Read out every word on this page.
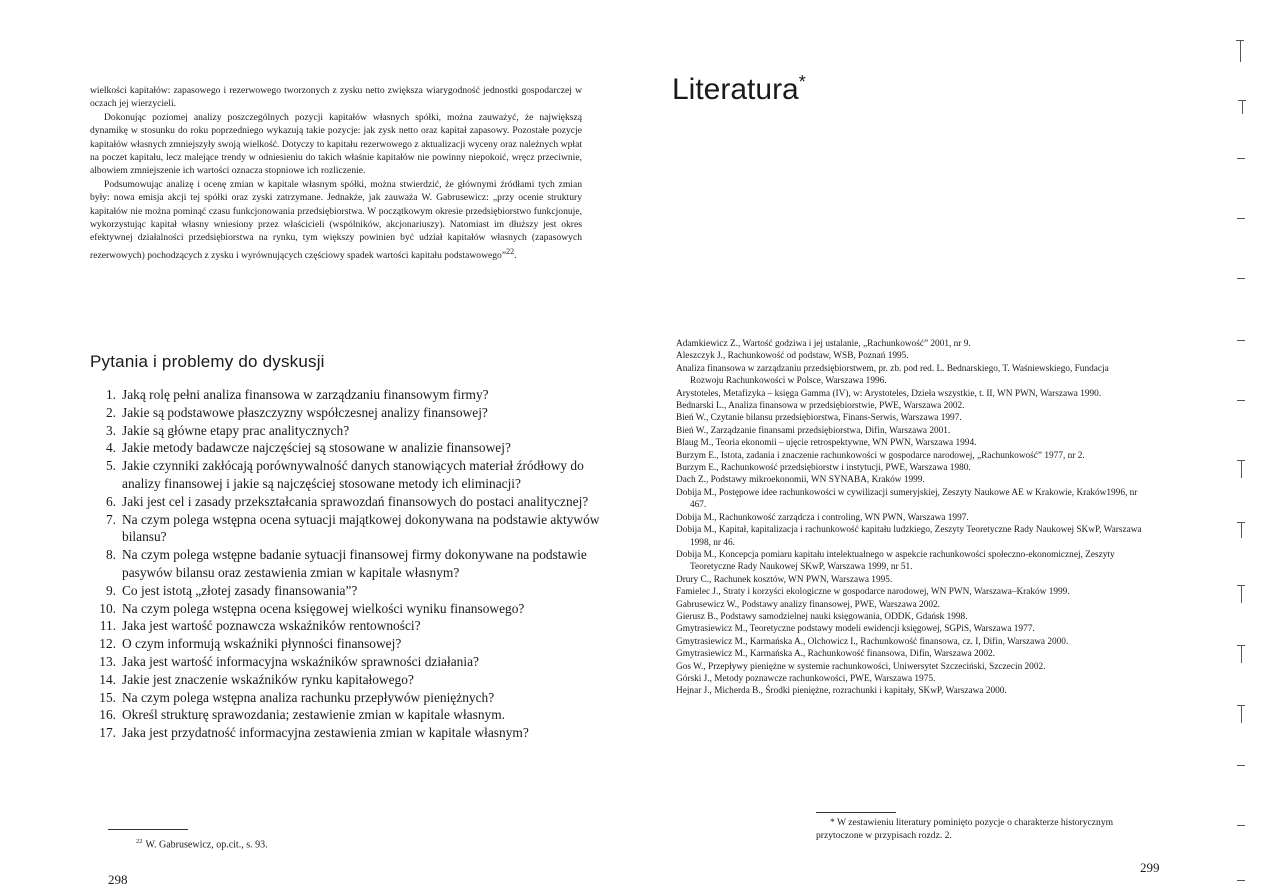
wielkości kapitałów: zapasowego i rezerwowego tworzonych z zysku netto zwiększa wiarygodność jednostki gospodarczej w oczach jej wierzycieli.

Dokonując poziomej analizy poszczególnych pozycji kapitałów własnych spółki, można zauważyć, że największą dynamikę w stosunku do roku poprzedniego wykazują takie pozycje: jak zysk netto oraz kapitał zapasowy. Pozostałe pozycje kapitałów własnych zmniejszyły swoją wielkość. Dotyczy to kapitału rezerwowego z aktualizacji wyceny oraz należnych wpłat na poczet kapitału, lecz malejące trendy w odniesieniu do takich właśnie kapitałów nie powinny niepokoić, wręcz przeciwnie, albowiem zmniejszenie ich wartości oznacza stopniowe ich rozliczenie.

Podsumowując analizę i ocenę zmian w kapitale własnym spółki, można stwierdzić, że głównymi źródłami tych zmian były: nowa emisja akcji tej spółki oraz zyski zatrzymane. Jednakże, jak zauważa W. Gabrusewicz: „przy ocenie struktury kapitałów nie można pominąć czasu funkcjonowania przedsiębiorstwa. W początkowym okresie przedsiębiorstwo funkcjonuje, wykorzystując kapitał własny wniesiony przez właścicieli (wspólników, akcjonariuszy). Natomiast im dłuższy jest okres efektywnej działalności przedsiębiorstwa na rynku, tym większy powinien być udział kapitałów własnych (zapasowych rezerwowych) pochodzących z zysku i wyrównujących częściowy spadek wartości kapitału podstawowego”$^{22}$.

Pytania i problemy do dyskusji
1. Jaką rolę pełni analiza finansowa w zarządzaniu finansowym firmy?
2. Jakie są podstawowe płaszczyzny współczesnej analizy finansowej?
3. Jakie są główne etapy prac analitycznych?
4. Jakie metody badawcze najczęściej są stosowane w analizie finansowej?
5. Jakie czynniki zakłócają porównywalność danych stanowiących materiał źródłowy do analizy finansowej i jakie są najczęściej stosowane metody ich eliminacji?
6. Jaki jest cel i zasady przekształcania sprawozdań finansowych do postaci analitycznej?
7. Na czym polega wstępna ocena sytuacji majątkowej dokonywana na podstawie aktywów bilansu?
8. Na czym polega wstępne badanie sytuacji finansowej firmy dokonywane na podstawie pasywów bilansu oraz zestawienia zmian w kapitale własnym?
9. Co jest istotą „złotej zasady finansowania”?
10. Na czym polega wstępna ocena księgowej wielkości wyniku finansowego?
11. Jaka jest wartość poznawcza wskaźników rentowności?
12. O czym informują wskaźniki płynności finansowej?
13. Jaka jest wartość informacyjna wskaźników sprawności działania?
14. Jakie jest znaczenie wskaźników rynku kapitałowego?
15. Na czym polega wstępna analiza rachunku przepływów pieniężnych?
16. Określ strukturę sprawozdania; zestawienie zmian w kapitale własnym.
17. Jaka jest przydatność informacyjna zestawienia zmian w kapitale własnym?
$^{22}$ W. Gabrusewicz, op.cit., s. 93.
298
Literatura*
Adamkiewicz Z., Wartość godziwa i jej ustalanie, „Rachunkowość” 2001, nr 9.
Aleszczyk J., Rachunkowość od podstaw, WSB, Poznań 1995.
Analiza finansowa w zarządzaniu przedsiębiorstwem, pr. zb. pod red. L. Bednarskiego, T. Waśniewskiego, Fundacja Rozwoju Rachunkowości w Polsce, Warszawa 1996.
Arystoteles, Metafizyka – księga Gamma (IV), w: Arystoteles, Dzieła wszystkie, t. II, WN PWN, Warszawa 1990.
Bednarski L., Analiza finansowa w przedsiębiorstwie, PWE, Warszawa 2002.
Bień W., Czytanie bilansu przedsiębiorstwa, Finans-Serwis, Warszawa 1997.
Bień W., Zarządzanie finansami przedsiębiorstwa, Difin, Warszawa 2001.
Blaug M., Teoria ekonomii – ujęcie retrospektywne, WN PWN, Warszawa 1994.
Burzym E., Istota, zadania i znaczenie rachunkowości w gospodarce narodowej, „Rachunkowość” 1977, nr 2.
Burzym E., Rachunkowość przedsiębiorstw i instytucji, PWE, Warszawa 1980.
Dach Z., Podstawy mikroekonomii, WN SYNABA, Kraków 1999.
Dobija M., Postępowe idee rachunkowości w cywilizacji sumeryjskiej, Zeszyty Naukowe AE w Krakowie, Kraków1996, nr 467.
Dobija M., Rachunkowość zarządcza i controling, WN PWN, Warszawa 1997.
Dobija M., Kapitał, kapitalizacja i rachunkowość kapitału ludzkiego, Zeszyty Teoretyczne Rady Naukowej SKwP, Warszawa 1998, nr 46.
Dobija M., Koncepcja pomiaru kapitału intelektualnego w aspekcie rachunkowości społeczno-ekonomicznej, Zeszyty Teoretyczne Rady Naukowej SKwP, Warszawa 1999, nr 51.
Drury C., Rachunek kosztów, WN PWN, Warszawa 1995.
Famielec J., Straty i korzyści ekologiczne w gospodarce narodowej, WN PWN, Warszawa–Kraków 1999.
Gabrusewicz W., Podstawy analizy finansowej, PWE, Warszawa 2002.
Gierusz B., Podstawy samodzielnej nauki księgowania, ODDK, Gdańsk 1998.
Gmytrasiewicz M., Teoretyczne podstawy modeli ewidencji księgowej, SGPiS, Warszawa 1977.
Gmytrasiewicz M., Karmańska A., Olchowicz I., Rachunkowość finansowa, cz. I, Difin, Warszawa 2000.
Gmytrasiewicz M., Karmańska A., Rachunkowość finansowa, Difin, Warszawa 2002.
Gos W., Przepływy pieniężne w systemie rachunkowości, Uniwersytet Szczeciński, Szczecin 2002.
Górski J., Metody poznawcze rachunkowości, PWE, Warszawa 1975.
Hejnar J., Micherda B., Środki pieniężne, rozrachunki i kapitały, SKwP, Warszawa 2000.
* W zestawieniu literatury pominięto pozycje o charakterze historycznym przytoczone w przypisach rozdz. 2.
299
